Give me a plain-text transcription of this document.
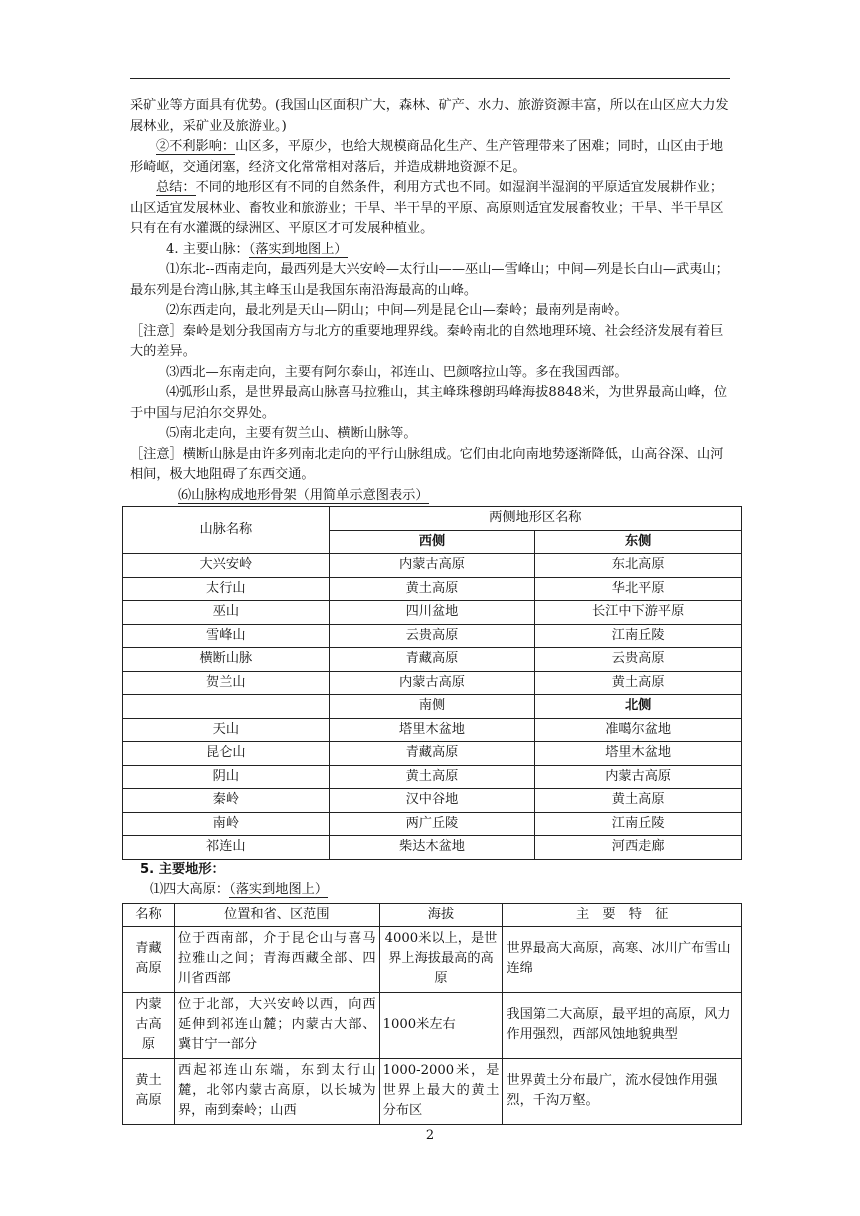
采矿业等方面具有优势。(我国山区面积广大，森林、矿产、水力、旅游资源丰富，所以在山区应大力发展林业，采矿业及旅游业。)

②不利影响：山区多，平原少，也给大规模商品化生产、生产管理带来了困难；同时，山区由于地形崎岖，交通闭塞，经济文化常常相对落后，并造成耕地资源不足。

总结：不同的地形区有不同的自然条件，利用方式也不同。如湿润半湿润的平原适宜发展耕作业；山区适宜发展林业、畜牧业和旅游业；干旱、半干旱的平原、高原则适宜发展畜牧业；干旱、半干旱区只有在有水灌溉的绿洲区、平原区才可发展种植业。

4. 主要山脉：（落实到地图上）

⑴东北--西南走向，最西列是大兴安岭—太行山——巫山—雪峰山；中间—列是长白山—武夷山；最东列是台湾山脉,其主峰玉山是我国东南沿海最高的山峰。

⑵东西走向，最北列是天山—阴山；中间—列是昆仑山—秦岭；最南列是南岭。

［注意］秦岭是划分我国南方与北方的重要地理界线。秦岭南北的自然地理环境、社会经济发展有着巨大的差异。

⑶西北—东南走向，主要有阿尔泰山，祁连山、巴颜喀拉山等。多在我国西部。

⑷弧形山系，是世界最高山脉喜马拉雅山，其主峰珠穆朗玛峰海拔8848米，为世界最高山峰，位于中国与尼泊尔交界处。

⑸南北走向，主要有贺兰山、横断山脉等。

［注意］横断山脉是由许多列南北走向的平行山脉组成。它们由北向南地势逐渐降低，山高谷深、山河相间，极大地阻碍了东西交通。

⑹山脉构成地形骨架（用简单示意图表示）

山脉名称	两侧地形区名称	
	西侧	东侧
大兴安岭	内蒙古高原	东北高原
太行山	黄土高原	华北平原
巫山	四川盆地	长江中下游平原
雪峰山	云贵高原	江南丘陵
横断山脉	青藏高原	云贵高原
贺兰山	内蒙古高原	黄土高原
	南侧	北侧
天山	塔里木盆地	准噶尔盆地
昆仑山	青藏高原	塔里木盆地
阴山	黄土高原	内蒙古高原
秦岭	汉中谷地	黄土高原
南岭	两广丘陵	江南丘陵
祁连山	柴达木盆地	河西走廊

5. 主要地形：

⑴四大高原：（落实到地图上）

名称	位置和省、区范围	海拔	主　要　特　征
青藏高原	位于西南部，介于昆仑山与喜马拉雅山之间；青海西藏全部、四川省西部	4000米以上，是世界上海拔最高的高原	世界最高大高原，高寒、冰川广布雪山连绵
内蒙古高原	位于北部，大兴安岭以西，向西延伸到祁连山麓；内蒙古大部、冀甘宁一部分	1000米左右	我国第二大高原，最平坦的高原，风力作用强烈，西部风蚀地貌典型
黄土高原	西起祁连山东端，东到太行山麓，北邻内蒙古高原，以长城为界，南到秦岭；山西	1000-2000米，是世界上最大的黄土分布区	世界黄土分布最广，流水侵蚀作用强烈，千沟万壑。
2
